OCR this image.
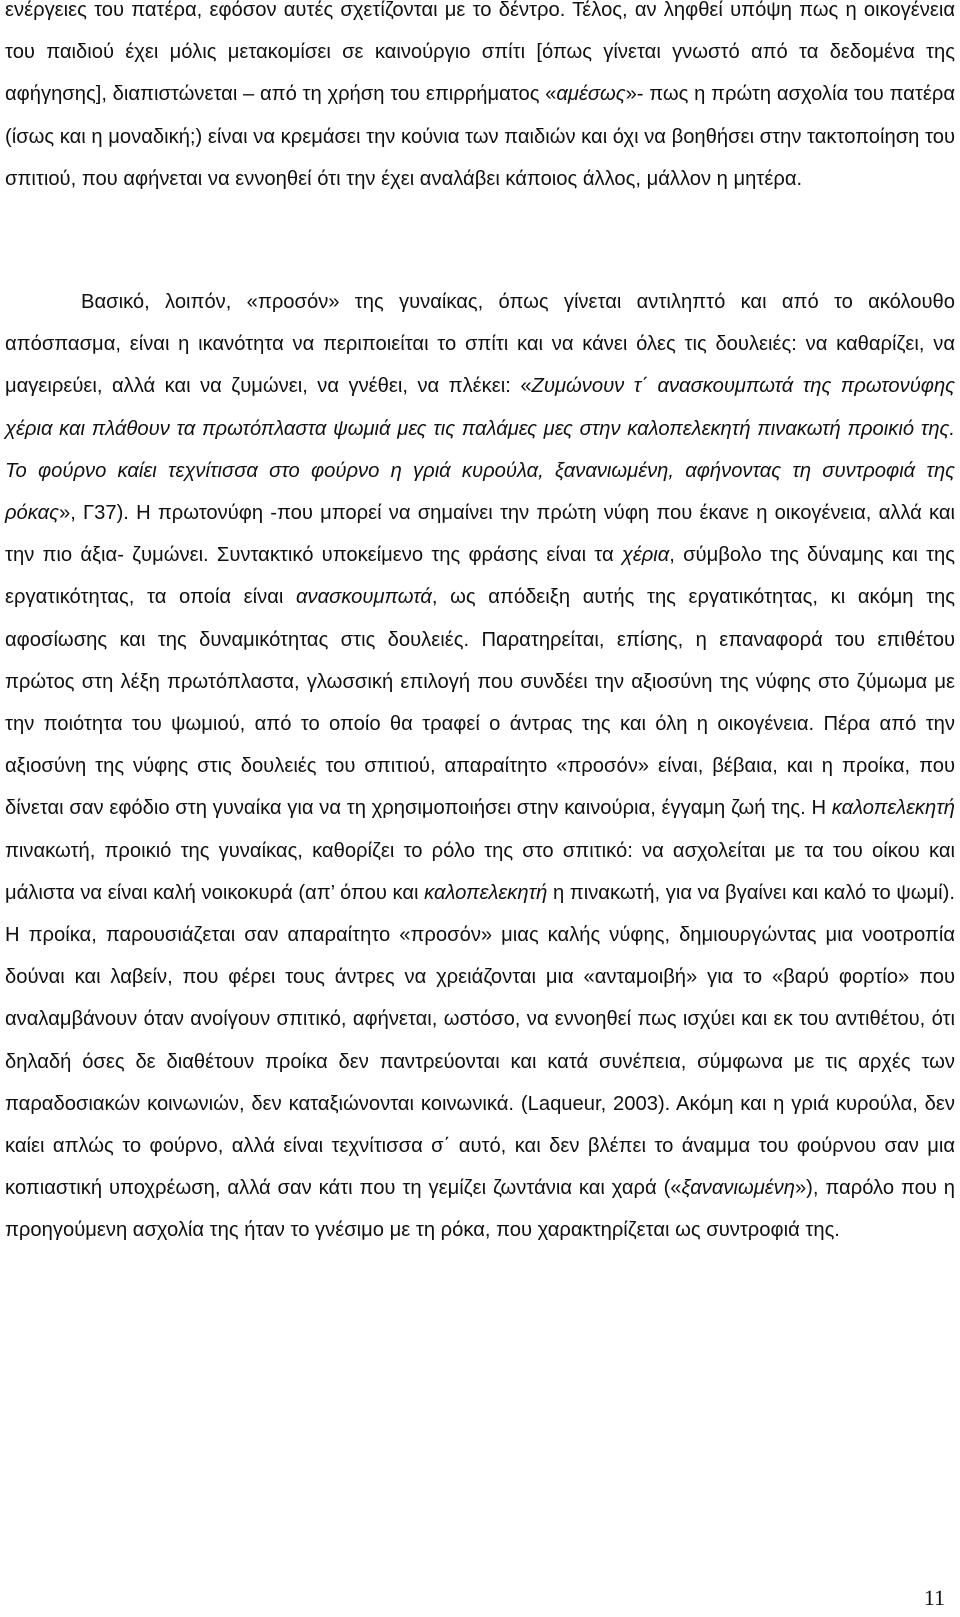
ενέργειες του πατέρα, εφόσον αυτές σχετίζονται με το δέντρο. Τέλος, αν ληφθεί υπόψη πως η οικογένεια του παιδιού έχει μόλις μετακομίσει σε καινούργιο σπίτι [όπως γίνεται γνωστό από τα δεδομένα της αφήγησης], διαπιστώνεται – από τη χρήση του επιρρήματος «αμέσως»- πως η πρώτη ασχολία του πατέρα (ίσως και η μοναδική;) είναι να κρεμάσει την κούνια των παιδιών και όχι να βοηθήσει στην τακτοποίηση του σπιτιού, που αφήνεται να εννοηθεί ότι την έχει αναλάβει κάποιος άλλος, μάλλον η μητέρα.

Βασικό, λοιπόν, «προσόν» της γυναίκας, όπως γίνεται αντιληπτό και από το ακόλουθο απόσπασμα, είναι η ικανότητα να περιποιείται το σπίτι και να κάνει όλες τις δουλειές: να καθαρίζει, να μαγειρεύει, αλλά και να ζυμώνει, να γνέθει, να πλέκει: «Ζυμώνουν τ΄ ανασκουμπωτά της πρωτονύφης χέρια και πλάθουν τα πρωτόπλαστα ψωμιά μες τις παλάμες μες στην καλοπελεκητή πινακωτή προικιό της. Το φούρνο καίει τεχνίτισσα στο φούρνο η γριά κυρούλα, ξανανιωμένη, αφήνοντας τη συντροφιά της ρόκας», Γ37). Η πρωτονύφη -που μπορεί να σημαίνει την πρώτη νύφη που έκανε η οικογένεια, αλλά και την πιο άξια- ζυμώνει. Συντακτικό υποκείμενο της φράσης είναι τα χέρια, σύμβολο της δύναμης και της εργατικότητας, τα οποία είναι ανασκουμπωτά, ως απόδειξη αυτής της εργατικότητας, κι ακόμη της αφοσίωσης και της δυναμικότητας στις δουλειές. Παρατηρείται, επίσης, η επαναφορά του επιθέτου πρώτος στη λέξη πρωτόπλαστα, γλωσσική επιλογή που συνδέει την αξιοσύνη της νύφης στο ζύμωμα με την ποιότητα του ψωμιού, από το οποίο θα τραφεί ο άντρας της και όλη η οικογένεια. Πέρα από την αξιοσύνη της νύφης στις δουλειές του σπιτιού, απαραίτητο «προσόν» είναι, βέβαια, και η προίκα, που δίνεται σαν εφόδιο στη γυναίκα για να τη χρησιμοποιήσει στην καινούρια, έγγαμη ζωή της. Η καλοπελεκητή πινακωτή, προικιό της γυναίκας, καθορίζει το ρόλο της στο σπιτικό: να ασχολείται με τα του οίκου και μάλιστα να είναι καλή νοικοκυρά (απ’ όπου και καλοπελεκητή η πινακωτή, για να βγαίνει και καλό το ψωμί). Η προίκα, παρουσιάζεται σαν απαραίτητο «προσόν» μιας καλής νύφης, δημιουργώντας μια νοοτροπία δούναι και λαβείν, που φέρει τους άντρες να χρειάζονται μια «ανταμοιβή» για το «βαρύ φορτίο» που αναλαμβάνουν όταν ανοίγουν σπιτικό, αφήνεται, ωστόσο, να εννοηθεί πως ισχύει και εκ του αντιθέτου, ότι δηλαδή όσες δε διαθέτουν προίκα δεν παντρεύονται και κατά συνέπεια, σύμφωνα με τις αρχές των παραδοσιακών κοινωνιών, δεν καταξιώνονται κοινωνικά. (Laqueur, 2003). Ακόμη και η γριά κυρούλα, δεν καίει απλώς το φούρνο, αλλά είναι τεχνίτισσα σ΄ αυτό, και δεν βλέπει το άναμμα του φούρνου σαν μια κοπιαστική υποχρέωση, αλλά σαν κάτι που τη γεμίζει ζωντάνια και χαρά («ξανανιωμένη»), παρόλο που η προηγούμενη ασχολία της ήταν το γνέσιμο με τη ρόκα, που χαρακτηρίζεται ως συντροφιά της.

11
